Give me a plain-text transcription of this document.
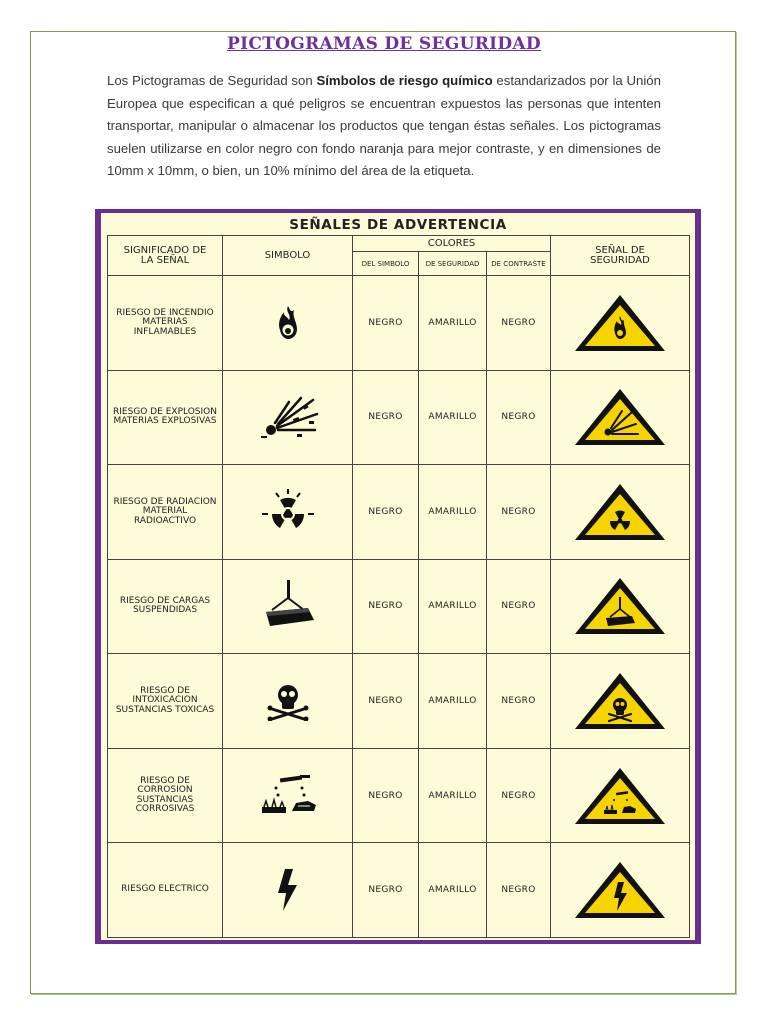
PICTOGRAMAS DE SEGURIDAD

Los Pictogramas de Seguridad son Símbolos de riesgo químico estandarizados por la Unión Europea que especifican a qué peligros se encuentran expuestos las personas que intenten transportar, manipular o almacenar los productos que tengan éstas señales. Los pictogramas suelen utilizarse en color negro con fondo naranja para mejor contraste, y en dimensiones de 10mm x 10mm, o bien, un 10% mínimo del área de la etiqueta.

SEÑALES DE ADVERTENCIA
SIGNIFICADO DE LA SEÑAL	SIMBOLO	COLORES			SEÑAL DE SEGURIDAD
		DEL SIMBOLO	DE SEGURIDAD	DE CONTRASTE	
RIESGO DE INCENDIO MATERIAS INFLAMABLES		NEGRO	AMARILLO	NEGRO	

RIESGO DE EXPLOSION MATERIAS EXPLOSIVAS		NEGRO	AMARILLO	NEGRO	

RIESGO DE RADIACION MATERIAL RADIOACTIVO		NEGRO	AMARILLO	NEGRO	

RIESGO DE CARGAS SUSPENDIDAS		NEGRO	AMARILLO	NEGRO	

RIESGO DE INTOXICACION SUSTANCIAS TOXICAS		NEGRO	AMARILLO	NEGRO	

RIESGO DE CORROSION SUSTANCIAS CORROSIVAS		NEGRO	AMARILLO	NEGRO	

RIESGO ELECTRICO		NEGRO	AMARILLO	NEGRO	
